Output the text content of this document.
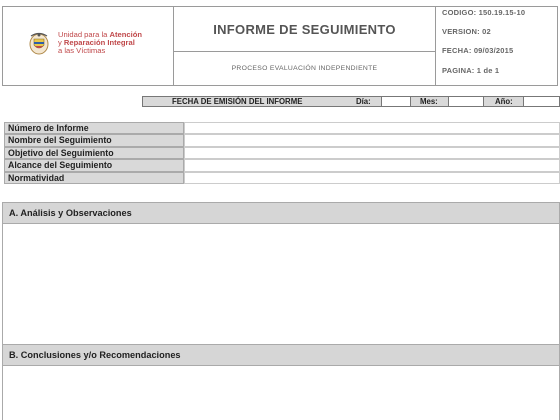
Unidad para la Atención
y Reparación Integral
a las Víctimas
INFORME DE SEGUIMIENTO
PROCESO EVALUACIÓN INDEPENDIENTE
CODIGO: 150.19.15-10
VERSION: 02
FECHA: 09/03/2015
PAGINA: 1 de 1
FECHA DE EMISIÓN DEL INFORME	Día:	Mes:	Año:
Número de Informe
Nombre del Seguimiento
Objetivo del Seguimiento
Alcance del Seguimiento
Normatividad
A. Análisis y Observaciones
B. Conclusiones y/o Recomendaciones
